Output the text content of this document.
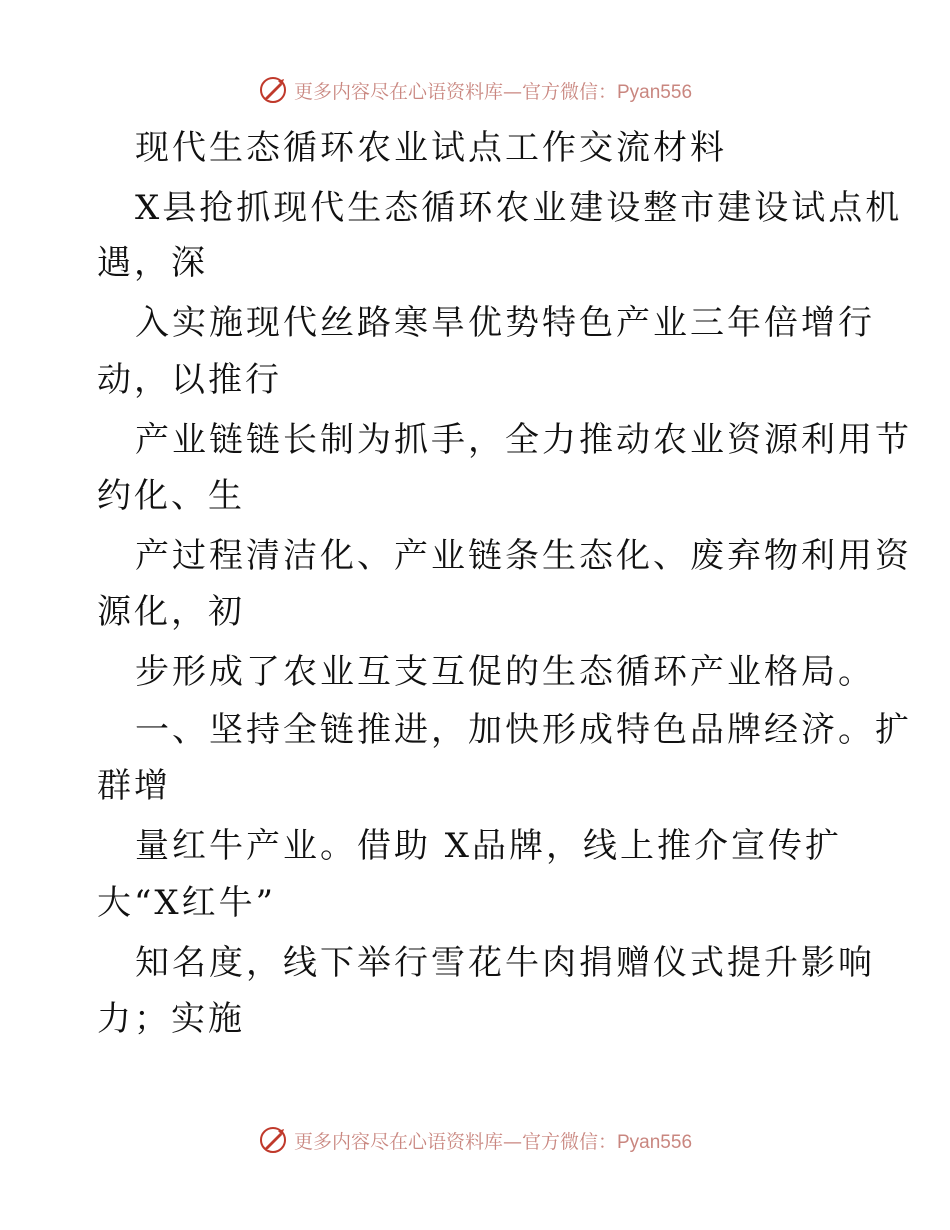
更多内容尽在心语资料库—官方微信：Pyan556
现代生态循环农业试点工作交流材料
X县抢抓现代生态循环农业建设整市建设试点机
遇，深
入实施现代丝路寒旱优势特色产业三年倍增行
动，以推行
产业链链长制为抓手，全力推动农业资源利用节
约化、生
产过程清洁化、产业链条生态化、废弃物利用资
源化，初
步形成了农业互支互促的生态循环产业格局。
一、坚持全链推进，加快形成特色品牌经济。扩
群增
量红牛产业。借助 X品牌，线上推介宣传扩
大“X红牛”
知名度，线下举行雪花牛肉捐赠仪式提升影响
力；实施
更多内容尽在心语资料库—官方微信：Pyan556
